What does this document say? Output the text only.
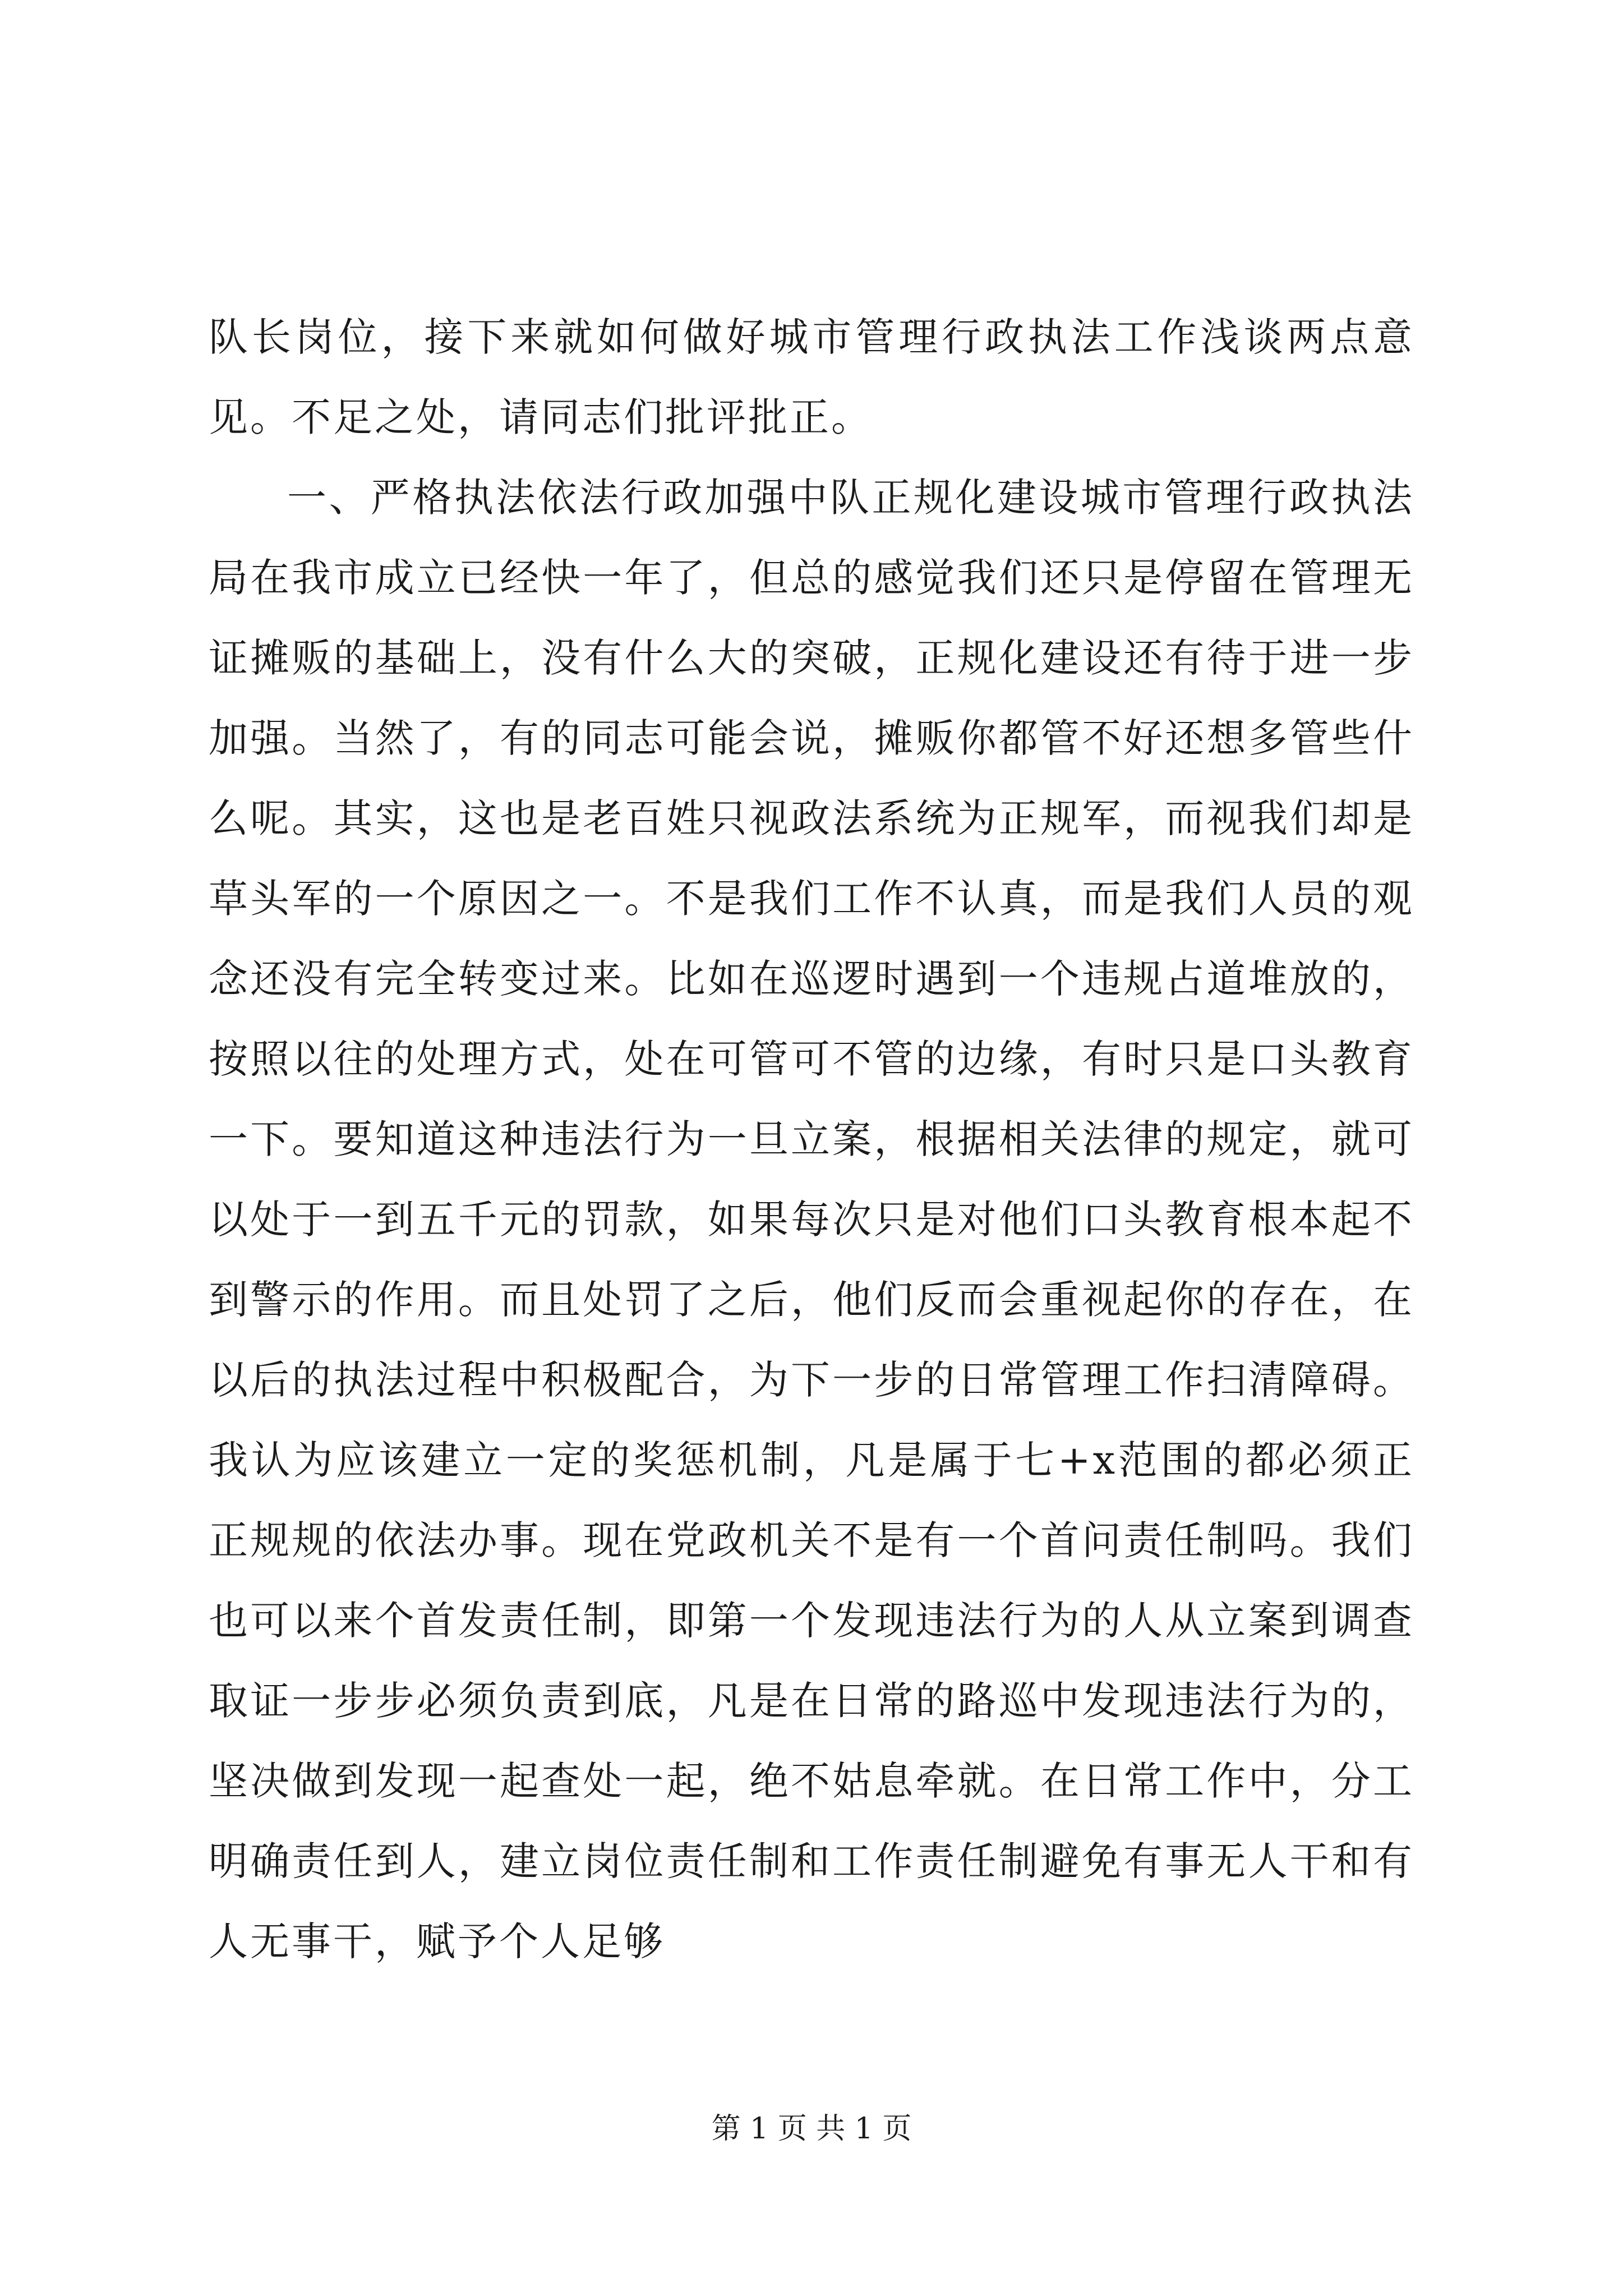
队长岗位，接下来就如何做好城市管理行政执法工作浅谈两点意见。不足之处，请同志们批评批正。

一、严格执法依法行政加强中队正规化建设城市管理行政执法局在我市成立已经快一年了，但总的感觉我们还只是停留在管理无证摊贩的基础上，没有什么大的突破，正规化建设还有待于进一步加强。当然了，有的同志可能会说，摊贩你都管不好还想多管些什么呢。其实，这也是老百姓只视政法系统为正规军，而视我们却是草头军的一个原因之一。不是我们工作不认真，而是我们人员的观念还没有完全转变过来。比如在巡逻时遇到一个违规占道堆放的，按照以往的处理方式，处在可管可不管的边缘，有时只是口头教育一下。要知道这种违法行为一旦立案，根据相关法律的规定，就可以处于一到五千元的罚款，如果每次只是对他们口头教育根本起不到警示的作用。而且处罚了之后，他们反而会重视起你的存在，在以后的执法过程中积极配合，为下一步的日常管理工作扫清障碍。我认为应该建立一定的奖惩机制，凡是属于七+x范围的都必须正正规规的依法办事。现在党政机关不是有一个首问责任制吗。我们也可以来个首发责任制，即第一个发现违法行为的人从立案到调查取证一步步必须负责到底，凡是在日常的路巡中发现违法行为的，坚决做到发现一起查处一起，绝不姑息牵就。在日常工作中，分工明确责任到人，建立岗位责任制和工作责任制避免有事无人干和有人无事干，赋予个人足够

第 1 页 共 1 页
